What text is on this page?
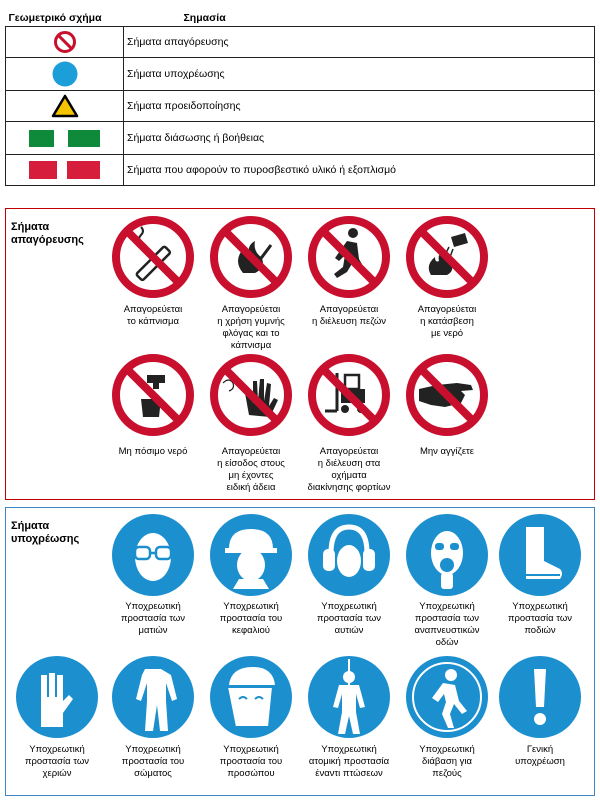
Γεωμετρικό σχήμα	Σημασία
	Σήματα απαγόρευσης
	Σήματα υποχρέωσης
	Σήματα προειδοποίησης
	Σήματα διάσωσης ή βοήθειας
	Σήματα που αφορούν το πυροσβεστικό υλικό ή εξοπλισμό
Σήματα απαγόρευσης
Απαγορεύεται
το κάπνισμα
Απαγορεύεται
η χρήση γυμνής
φλόγας και το
κάπνισμα
Απαγορεύεται
η διέλευση πεζών
Απαγορεύεται
η κατάσβεση
με νερό
Μη πόσιμο νερό	Απαγορεύεται
η είσοδος στους
μη έχοντες
ειδική άδεια
Απαγορεύεται
η διέλευση στα
οχήματα
διακίνησης φορτίων
Μην αγγίζετε
Σήματα υποχρέωσης
Υποχρεωτική
προστασία των
ματιών
Υποχρεωτική
προστασία του
κεφαλιού
Υποχρεωτική
προστασία των
αυτιών
Υποχρεωτική
προστασία των
αναπνευστικών
οδών
Υποχρεωτική
προστασία των
ποδιών
Υποχρεωτική
προστασία των
χεριών
Υποχρεωτική
προστασία του
σώματος
Υποχρεωτική
προστασία του
προσώπου
Υποχρεωτική
ατομική προστασία
έναντι πτώσεων
Υποχρεωτική
διάβαση για
πεζούς
Γενική
υποχρέωση
